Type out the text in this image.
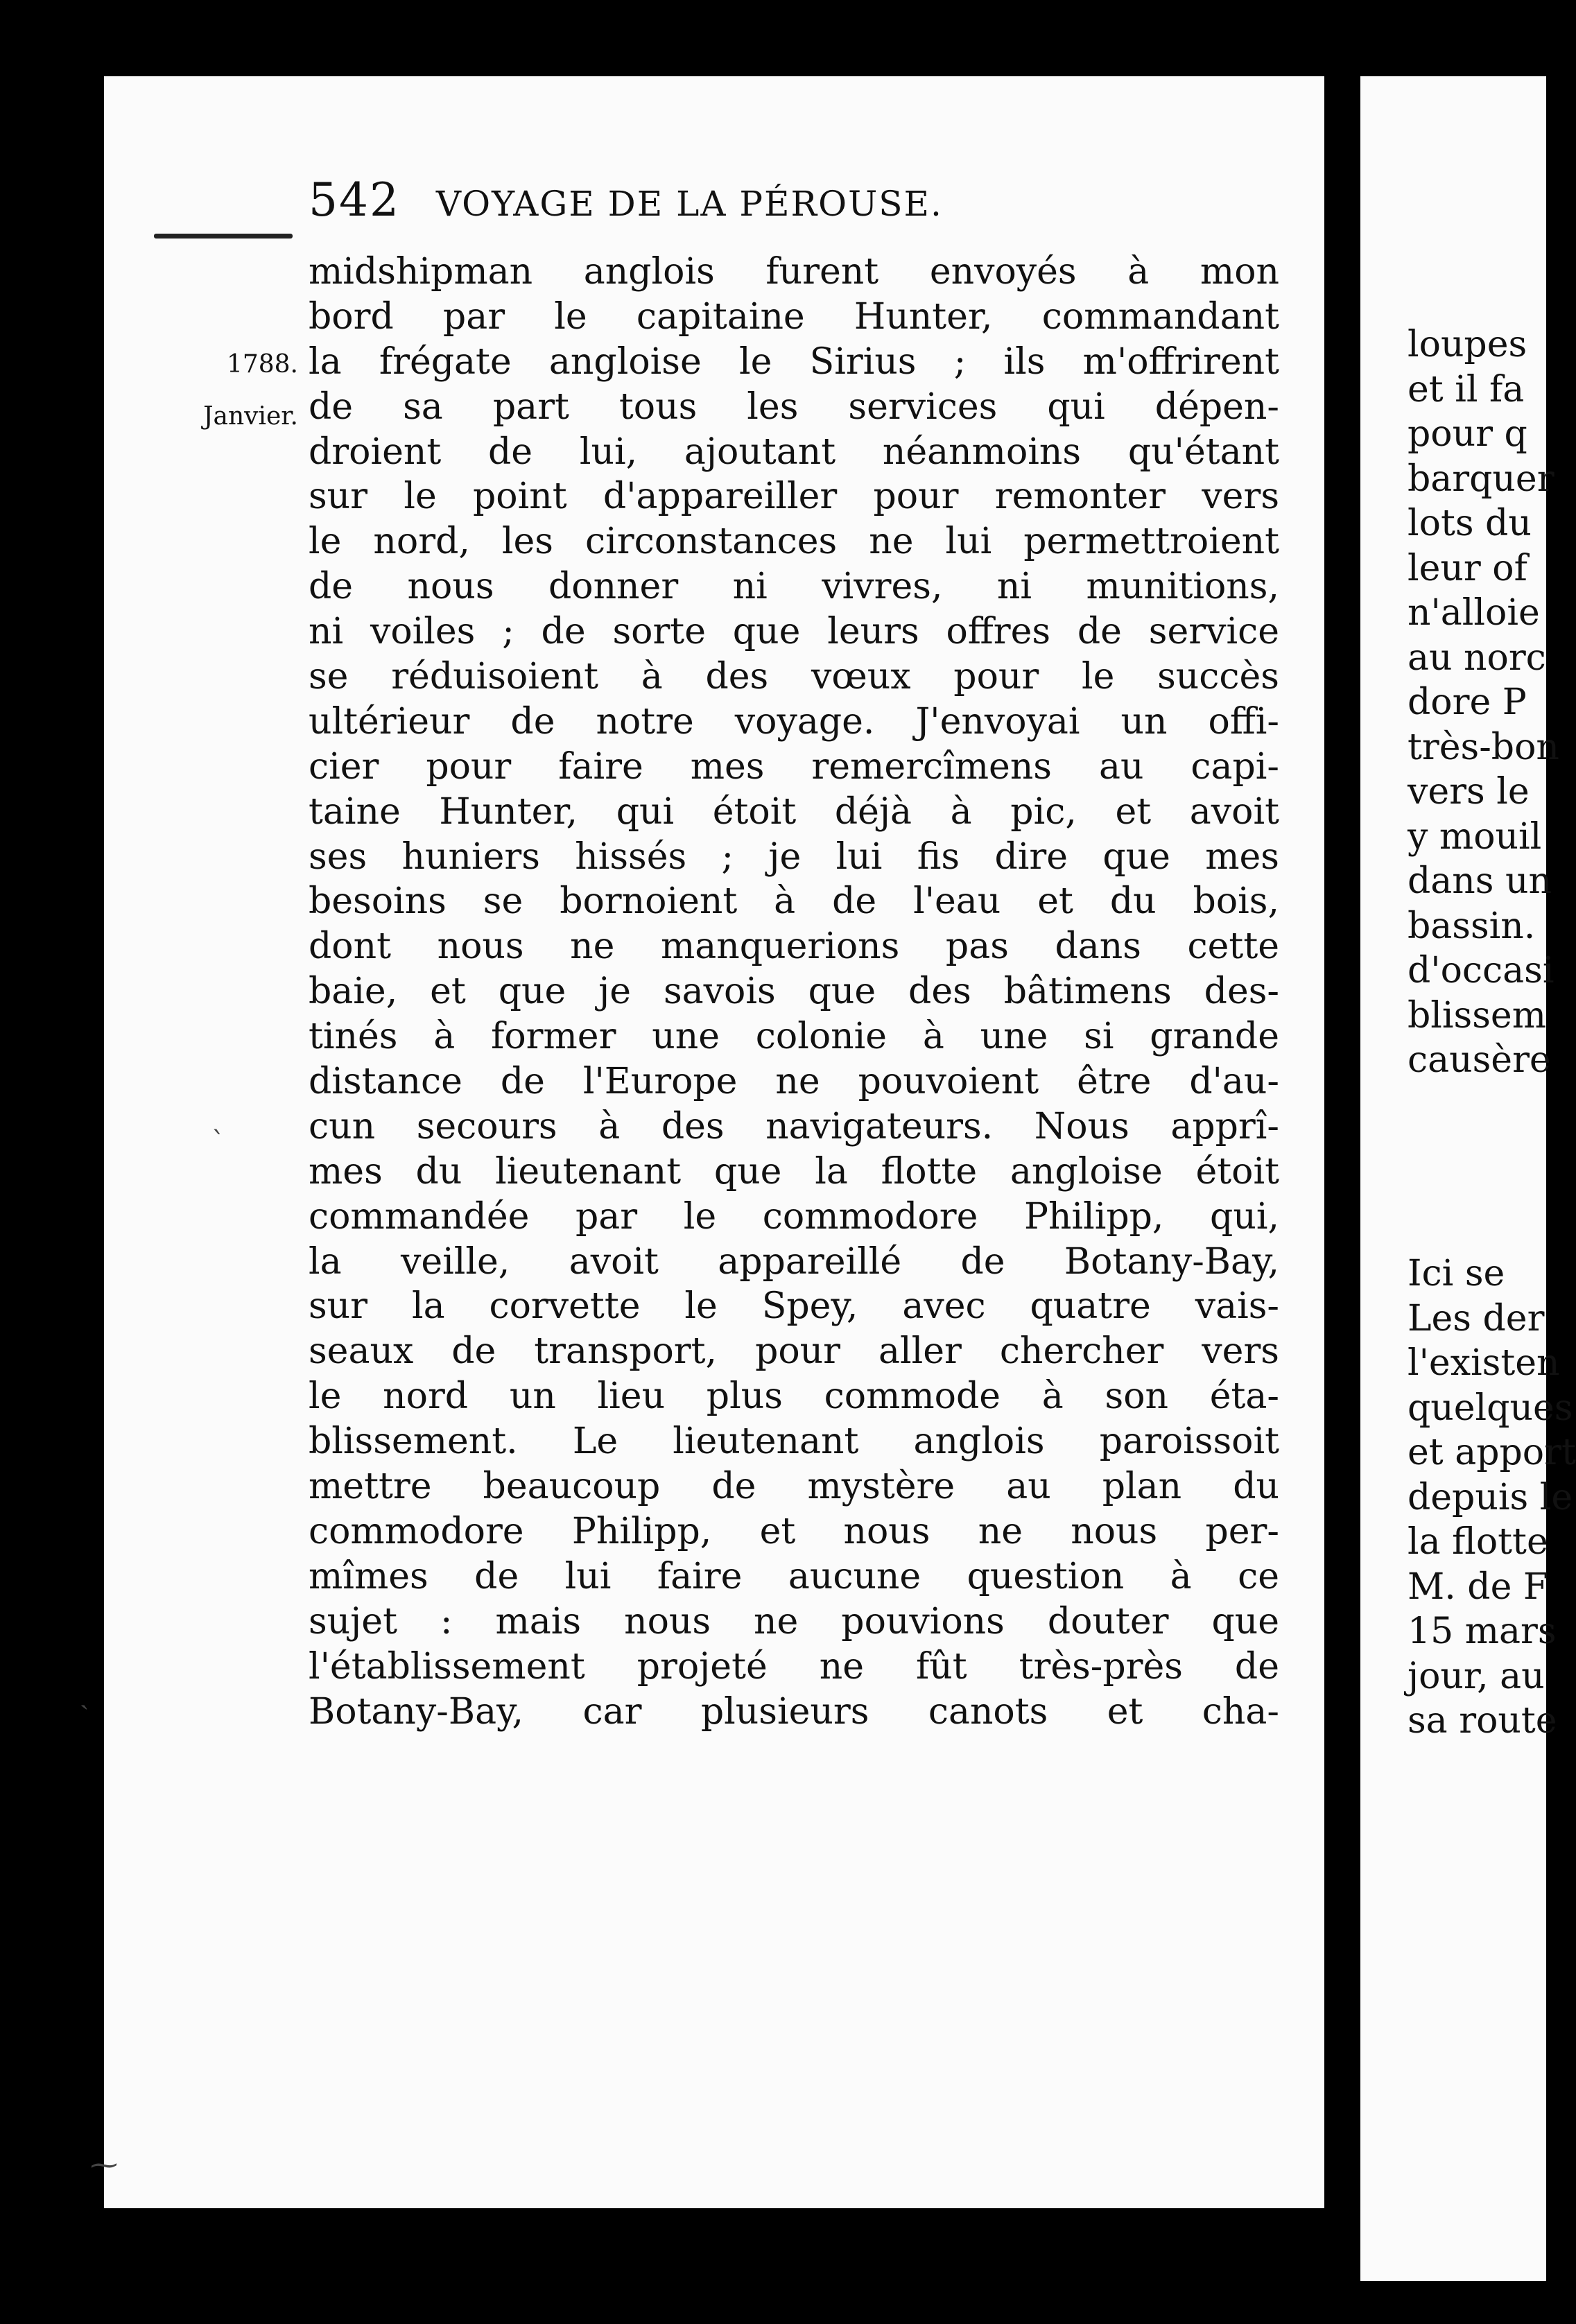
542 VOYAGE DE LA PÉROUSE.
1788.
Janvier.
midshipman anglois furent envoyés à mon
bord par le capitaine Hunter, commandant
la frégate angloise le Sirius ; ils m'offrirent
de sa part tous les services qui dépen-
droient de lui, ajoutant néanmoins qu'étant
sur le point d'appareiller pour remonter vers
le nord, les circonstances ne lui permettroient
de nous donner ni vivres, ni munitions,
ni voiles ; de sorte que leurs offres de service
se réduisoient à des vœux pour le succès
ultérieur de notre voyage. J'envoyai un offi-
cier pour faire mes remercîmens au capi-
taine Hunter, qui étoit déjà à pic, et avoit
ses huniers hissés ; je lui fis dire que mes
besoins se bornoient à de l'eau et du bois,
dont nous ne manquerions pas dans cette
baie, et que je savois que des bâtimens des-
tinés à former une colonie à une si grande
distance de l'Europe ne pouvoient être d'au-
cun secours à des navigateurs. Nous apprî-
mes du lieutenant que la flotte angloise étoit
commandée par le commodore Philipp, qui,
la veille, avoit appareillé de Botany-Bay,
sur la corvette le Spey, avec quatre vais-
seaux de transport, pour aller chercher vers
le nord un lieu plus commode à son éta-
blissement. Le lieutenant anglois paroissoit
mettre beaucoup de mystère au plan du
commodore Philipp, et nous ne nous per-
mîmes de lui faire aucune question à ce
sujet : mais nous ne pouvions douter que
l'établissement projeté ne fût très-près de
Botany-Bay, car plusieurs canots et cha-
loupes
et il fa
pour q
barquer
lots du
leur of
n'alloie
au norc
dore P
très-bon
vers le
y mouil
dans un
bassin.
d'occasi
blissem
causère
Ici se
Les der
l'existen
quelques
et apport
depuis le
la flotte
M. de F
15 mars
jour, au
sa route
ˋ
ˎ
⁓
